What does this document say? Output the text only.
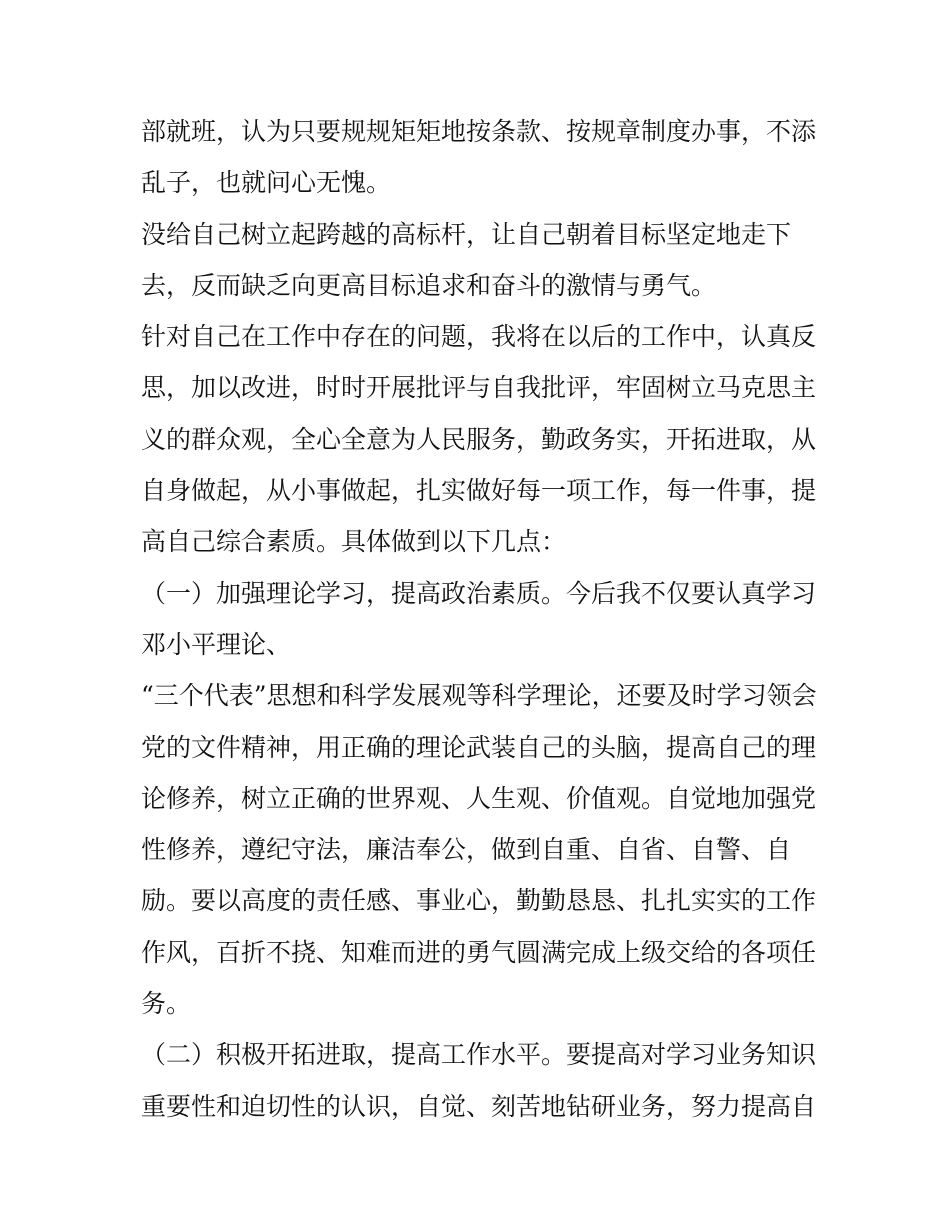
部就班，认为只要规规矩矩地按条款、按规章制度办事，不添
乱子，也就问心无愧。
没给自己树立起跨越的高标杆，让自己朝着目标坚定地走下
去，反而缺乏向更高目标追求和奋斗的激情与勇气。
针对自己在工作中存在的问题，我将在以后的工作中，认真反
思，加以改进，时时开展批评与自我批评，牢固树立马克思主
义的群众观，全心全意为人民服务，勤政务实，开拓进取，从
自身做起，从小事做起，扎实做好每一项工作，每一件事，提
高自己综合素质。具体做到以下几点：
（一）加强理论学习，提高政治素质。今后我不仅要认真学习
邓小平理论、
“三个代表”思想和科学发展观等科学理论，还要及时学习领会
党的文件精神，用正确的理论武装自己的头脑，提高自己的理
论修养，树立正确的世界观、人生观、价值观。自觉地加强党
性修养，遵纪守法，廉洁奉公，做到自重、自省、自警、自
励。要以高度的责任感、事业心，勤勤恳恳、扎扎实实的工作
作风，百折不挠、知难而进的勇气圆满完成上级交给的各项任
务。
（二）积极开拓进取，提高工作水平。要提高对学习业务知识
重要性和迫切性的认识，自觉、刻苦地钻研业务，努力提高自
